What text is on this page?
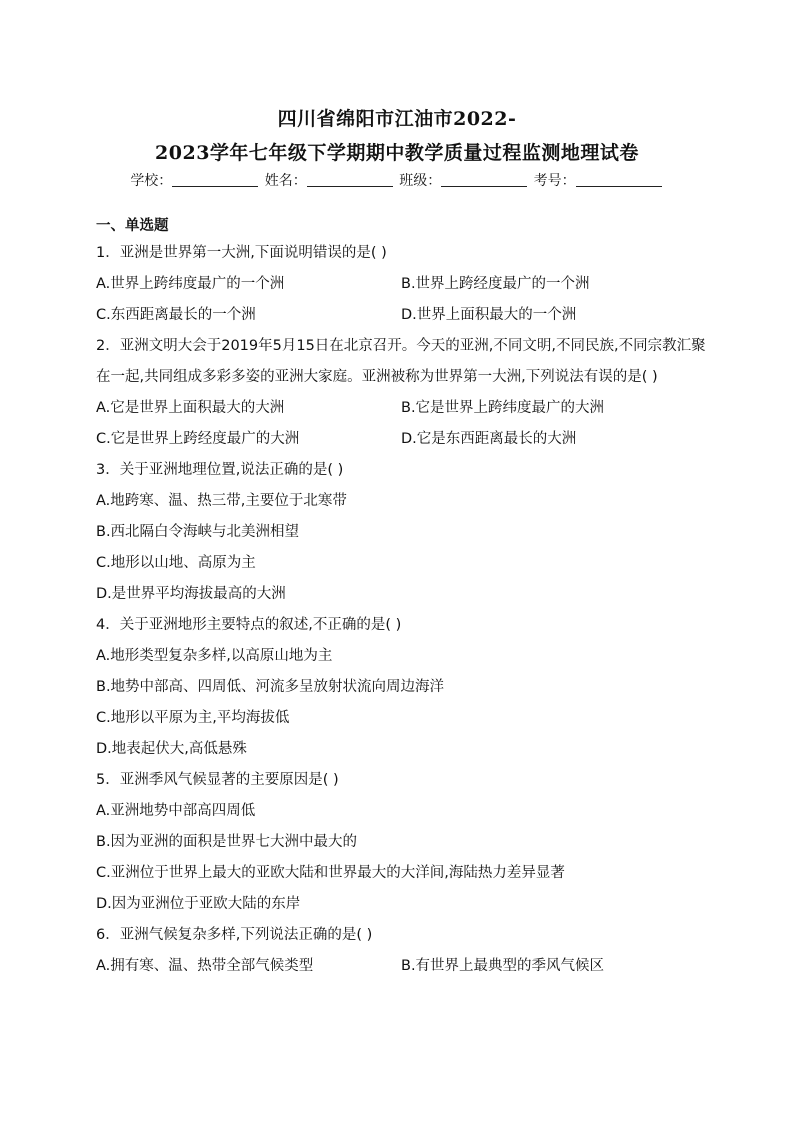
四川省绵阳市江油市2022-
2023学年七年级下学期期中教学质量过程监测地理试卷
学校：	姓名：	班级：	考号：
一、单选题

1．亚洲是世界第一大洲,下面说明错误的是( )

A.世界上跨纬度最广的一个洲	B.世界上跨经度最广的一个洲
C.东西距离最长的一个洲	D.世界上面积最大的一个洲

2．亚洲文明大会于2019年5月15日在北京召开。今天的亚洲,不同文明,不同民族,不同宗教汇聚在一起,共同组成多彩多姿的亚洲大家庭。亚洲被称为世界第一大洲,下列说法有误的是( )

A.它是世界上面积最大的大洲	B.它是世界上跨纬度最广的大洲
C.它是世界上跨经度最广的大洲	D.它是东西距离最长的大洲

3．关于亚洲地理位置,说法正确的是( )

A.地跨寒、温、热三带,主要位于北寒带
B.西北隔白令海峡与北美洲相望
C.地形以山地、高原为主
D.是世界平均海拔最高的大洲

4．关于亚洲地形主要特点的叙述,不正确的是( )

A.地形类型复杂多样,以高原山地为主
B.地势中部高、四周低、河流多呈放射状流向周边海洋
C.地形以平原为主,平均海拔低
D.地表起伏大,高低悬殊

5．亚洲季风气候显著的主要原因是( )

A.亚洲地势中部高四周低
B.因为亚洲的面积是世界七大洲中最大的
C.亚洲位于世界上最大的亚欧大陆和世界最大的大洋间,海陆热力差异显著
D.因为亚洲位于亚欧大陆的东岸

6．亚洲气候复杂多样,下列说法正确的是( )

A.拥有寒、温、热带全部气候类型	B.有世界上最典型的季风气候区
